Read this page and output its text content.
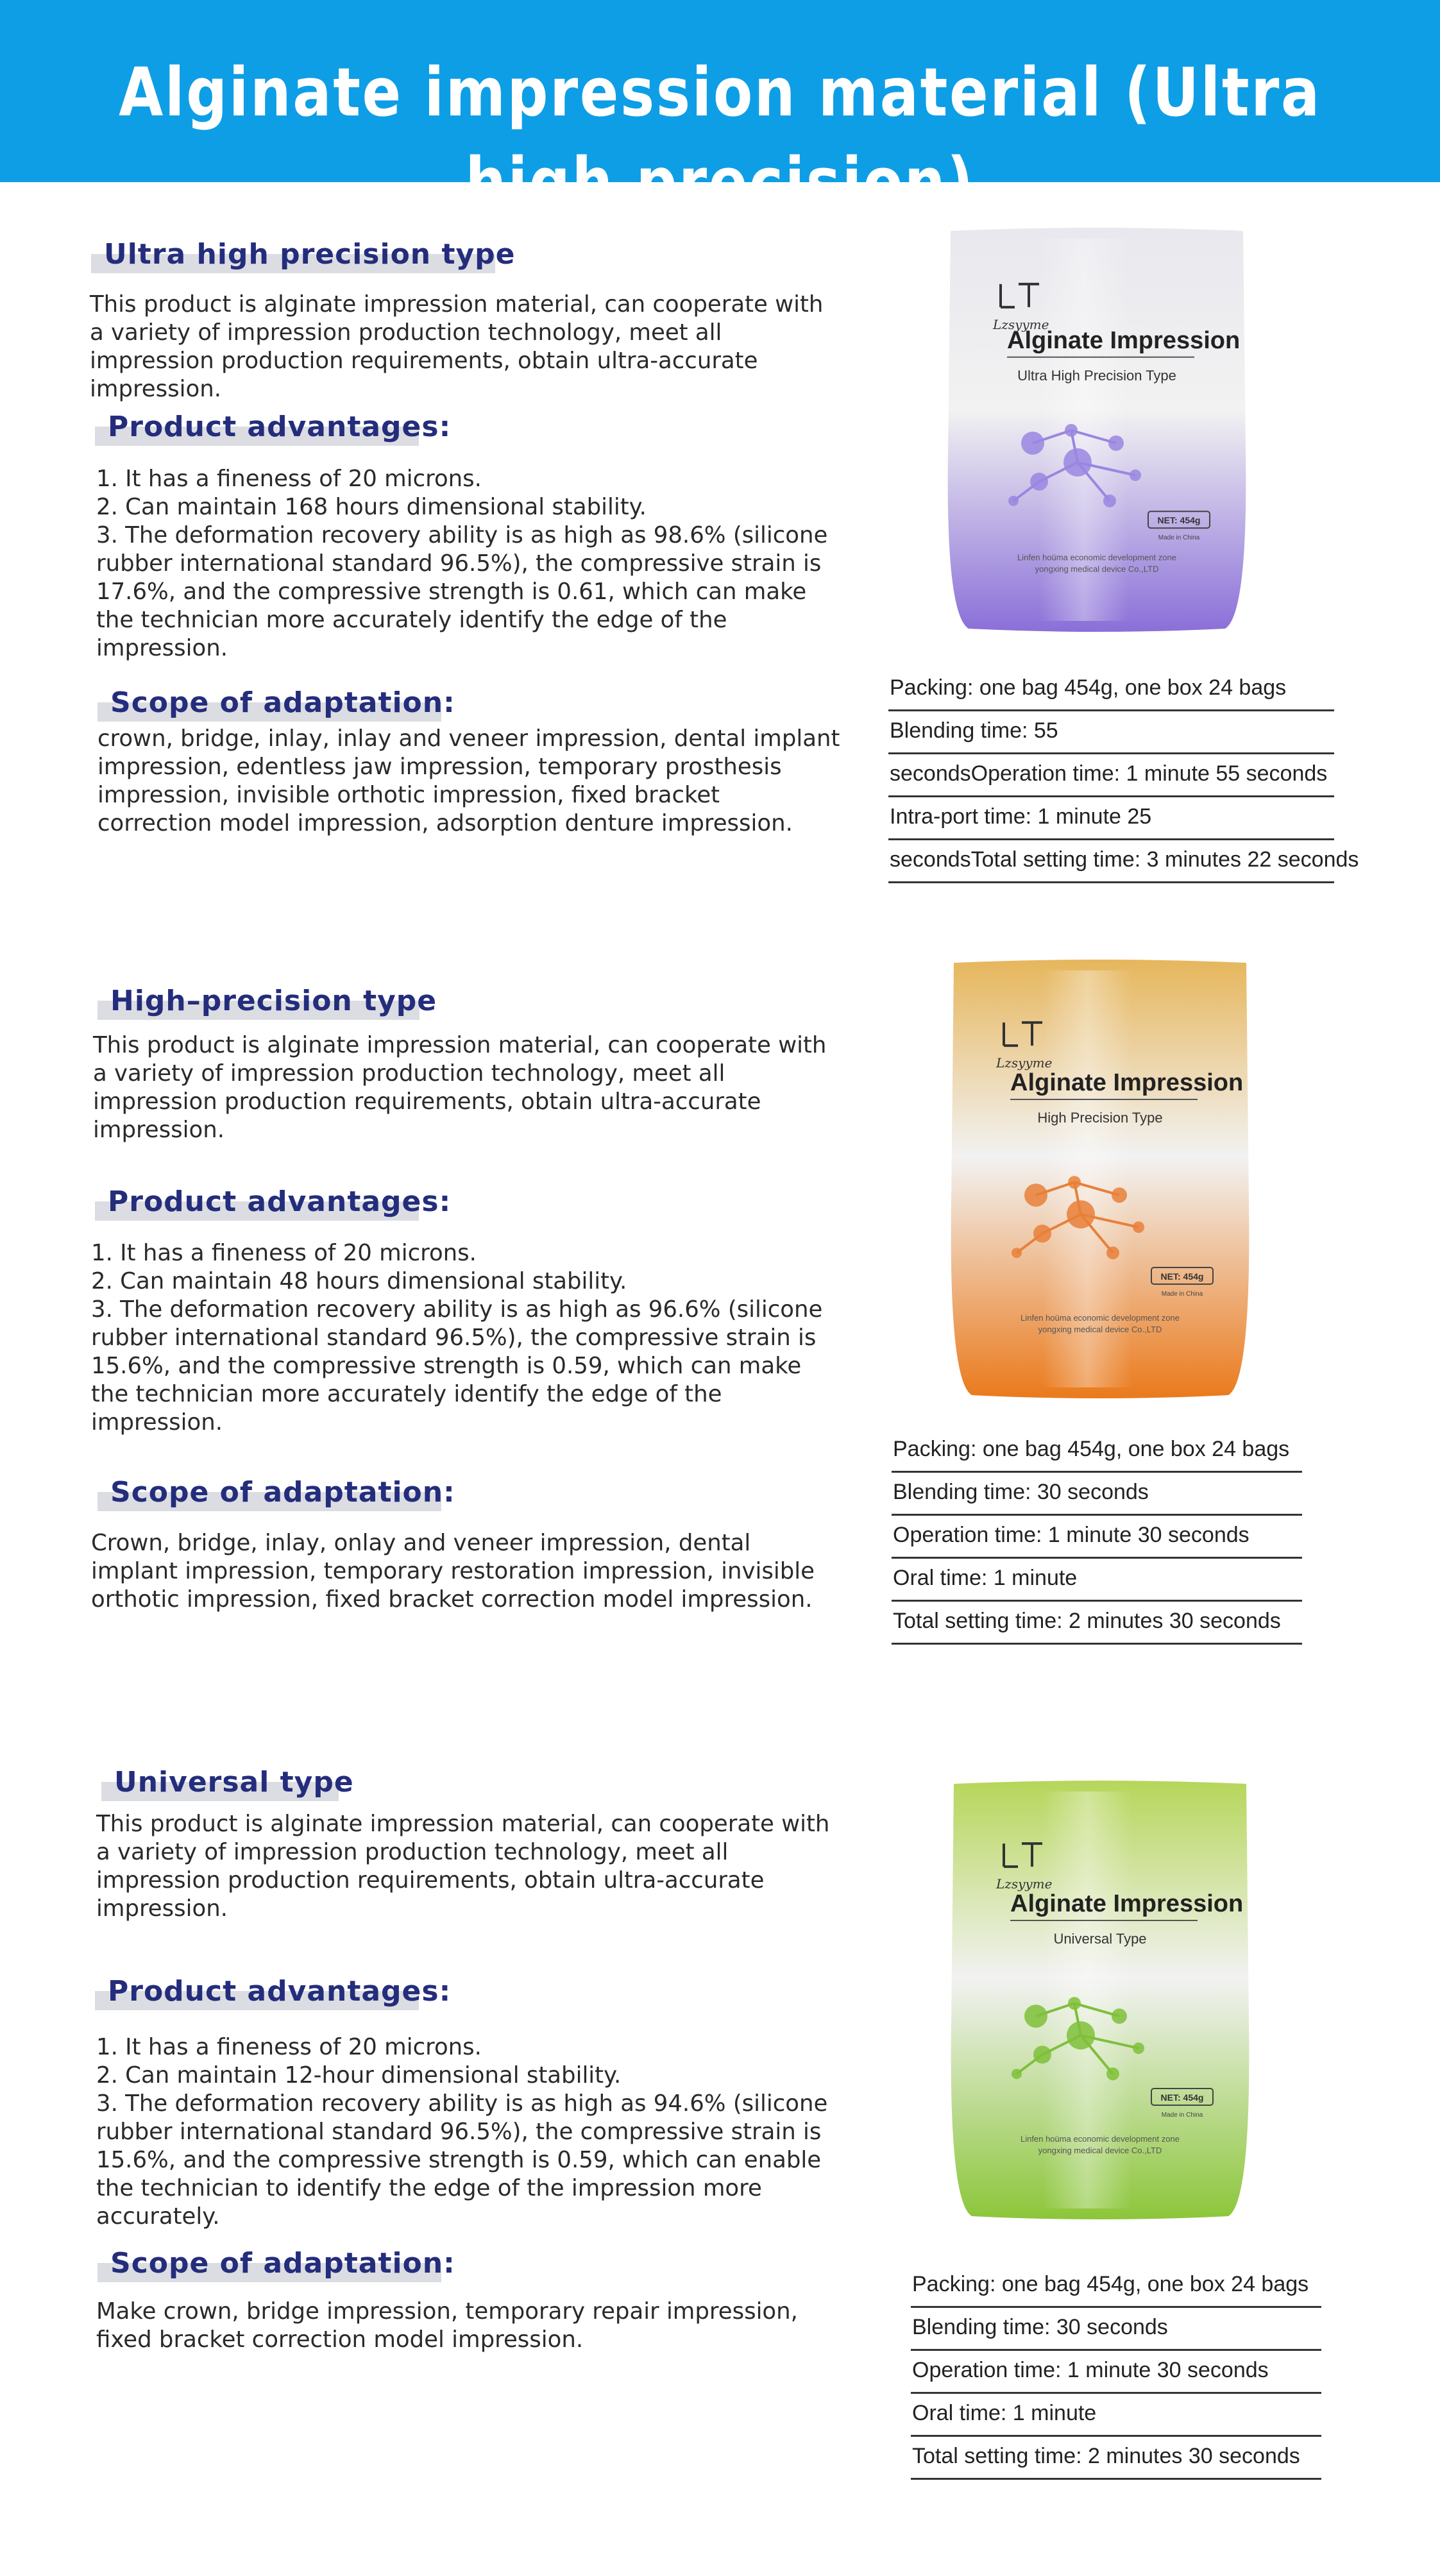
Alginate impression material (Ultra high precision)
Ultra high precision type
This product is alginate impression material, can cooperate with
a variety of impression production technology, meet all
impression production requirements, obtain ultra-accurate
impression.
Product advantages:
1. It has a fineness of 20 microns.
2. Can maintain 168 hours dimensional stability.
3. The deformation recovery ability is as high as 98.6% (silicone
rubber international standard 96.5%), the compressive strain is
17.6%, and the compressive strength is 0.61, which can make
the technician more accurately identify the edge of the
impression.
Scope of adaptation:
crown, bridge, inlay, inlay and veneer impression, dental implant
impression, edentless jaw impression, temporary prosthesis
impression, invisible orthotic impression, fixed bracket
correction model impression, adsorption denture impression.
Packing: one bag 454g, one box 24 bags
Blending time: 55
secondsOperation time: 1 minute 55 seconds
Intra-port time: 1 minute 25
secondsTotal setting time: 3 minutes 22 seconds
Lzsyyme
Alginate Impression
Ultra High Precision Type
NET: 454g
Made in China
Linfen hoüma economic development zone
yongxing medical device Co.,LTD
High–precision type
This product is alginate impression material, can cooperate with
a variety of impression production technology, meet all
impression production requirements, obtain ultra-accurate
impression.
Product advantages:
1. It has a fineness of 20 microns.
2. Can maintain 48 hours dimensional stability.
3. The deformation recovery ability is as high as 96.6% (silicone
rubber international standard 96.5%), the compressive strain is
15.6%, and the compressive strength is 0.59, which can make
the technician more accurately identify the edge of the
impression.
Scope of adaptation:
Crown, bridge, inlay, onlay and veneer impression, dental
implant impression, temporary restoration impression, invisible
orthotic impression, fixed bracket correction model impression.
Packing: one bag 454g, one box 24 bags
Blending time: 30 seconds
Operation time: 1 minute 30 seconds
Oral time: 1 minute
Total setting time: 2 minutes 30 seconds
Lzsyyme
Alginate Impression
High Precision Type
NET: 454g
Made in China
Linfen hoüma economic development zone
yongxing medical device Co.,LTD
Universal type
This product is alginate impression material, can cooperate with
a variety of impression production technology, meet all
impression production requirements, obtain ultra-accurate
impression.
Product advantages:
1. It has a fineness of 20 microns.
2. Can maintain 12-hour dimensional stability.
3. The deformation recovery ability is as high as 94.6% (silicone
rubber international standard 96.5%), the compressive strain is
15.6%, and the compressive strength is 0.59, which can enable
the technician to identify the edge of the impression more
accurately.
Scope of adaptation:
Make crown, bridge impression, temporary repair impression,
fixed bracket correction model impression.
Packing: one bag 454g, one box 24 bags
Blending time: 30 seconds
Operation time: 1 minute 30 seconds
Oral time: 1 minute
Total setting time: 2 minutes 30 seconds
Lzsyyme
Alginate Impression
Universal Type
NET: 454g
Made in China
Linfen hoüma economic development zone
yongxing medical device Co.,LTD
